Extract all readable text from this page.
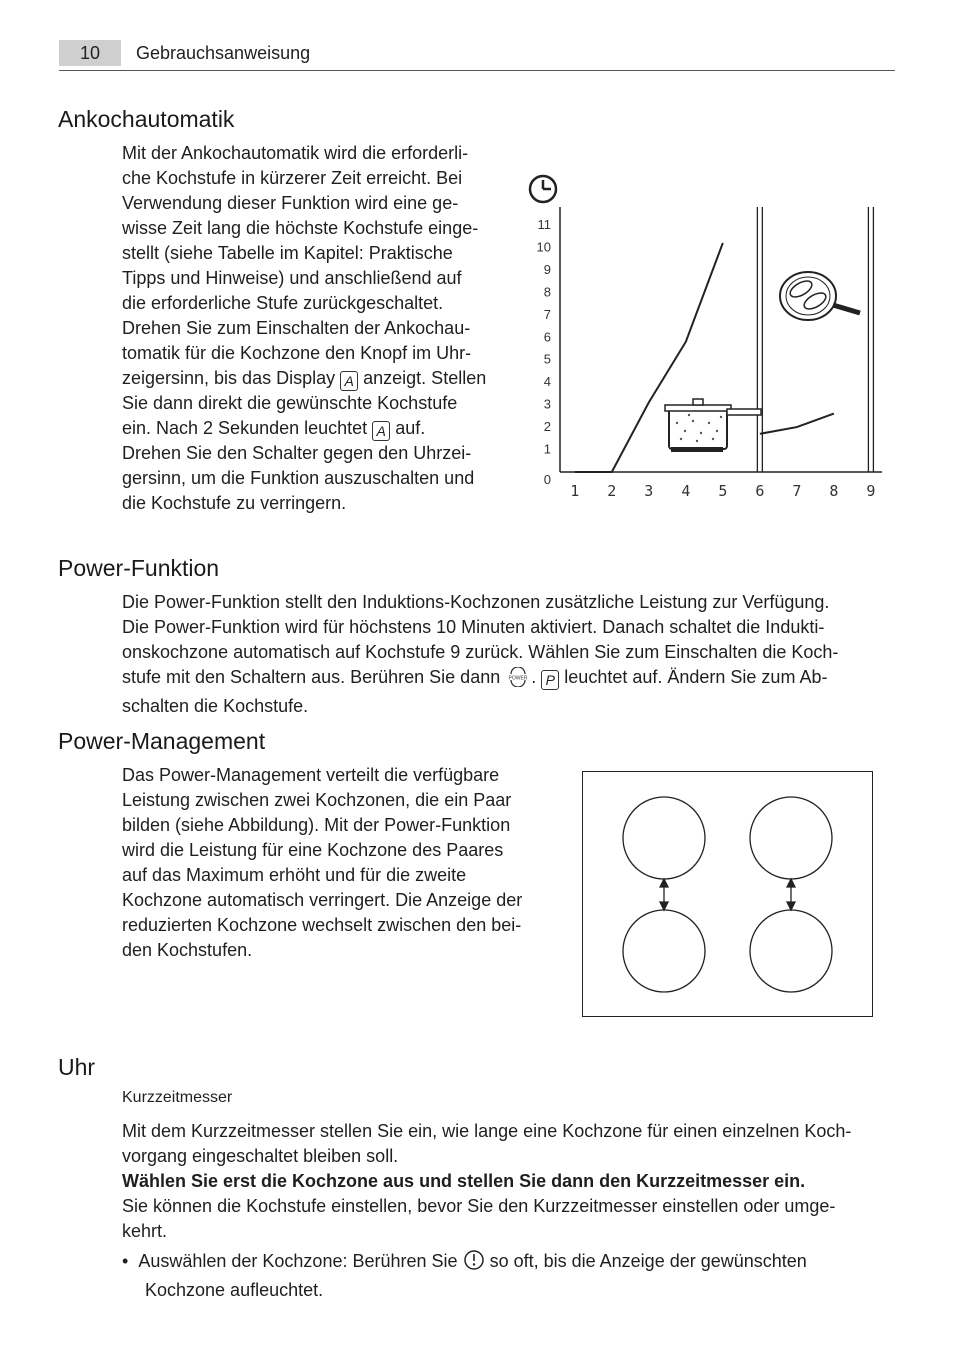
10	Gebrauchsanweisung
Ankochautomatik

Mit der Ankochautomatik wird die erforderli-

che Kochstufe in kürzerer Zeit erreicht. Bei

Verwendung dieser Funktion wird eine ge-

wisse Zeit lang die höchste Kochstufe einge-

stellt (siehe Tabelle im Kapitel: Praktische

Tipps und Hinweise) und anschließend auf

die erforderliche Stufe zurückgeschaltet.

Drehen Sie zum Einschalten der Ankochau-

tomatik für die Kochzone den Knopf im Uhr-

zeigersinn, bis das Display A anzeigt. Stellen

Sie dann direkt die gewünschte Kochstufe

ein. Nach 2 Sekunden leuchtet A auf.

Drehen Sie den Schalter gegen den Uhrzei-

gersinn, um die Funktion auszuschalten und

die Kochstufe zu verringern.

0
1
2
3
4
5
6
7
8
9
10
11
1 2 3 4 5 6 7 8 9
Power-Funktion

Die Power-Funktion stellt den Induktions-Kochzonen zusätzliche Leistung zur Verfügung.

Die Power-Funktion wird für höchstens 10 Minuten aktiviert. Danach schaltet die Indukti-

onskochzone automatisch auf Kochstufe 9 zurück. Wählen Sie zum Einschalten die Koch-

stufe mit den Schaltern aus. Berühren Sie dann POWER . P leuchtet auf. Ändern Sie zum Ab-

schalten die Kochstufe.

Power-Management

Das Power-Management verteilt die verfügbare

Leistung zwischen zwei Kochzonen, die ein Paar

bilden (siehe Abbildung). Mit der Power-Funktion

wird die Leistung für eine Kochzone des Paares

auf das Maximum erhöht und für die zweite

Kochzone automatisch verringert. Die Anzeige der

reduzierten Kochzone wechselt zwischen den bei-

den Kochstufen.

Uhr
Kurzzeitmesser

Mit dem Kurzzeitmesser stellen Sie ein, wie lange eine Kochzone für einen einzelnen Koch-

vorgang eingeschaltet bleiben soll.

Wählen Sie erst die Kochzone aus und stellen Sie dann den Kurzzeitmesser ein.

Sie können die Kochstufe einstellen, bevor Sie den Kurzzeitmesser einstellen oder umge-

kehrt.

• Auswählen der Kochzone: Berühren Sie so oft, bis die Anzeige der gewünschten

Kochzone aufleuchtet.
